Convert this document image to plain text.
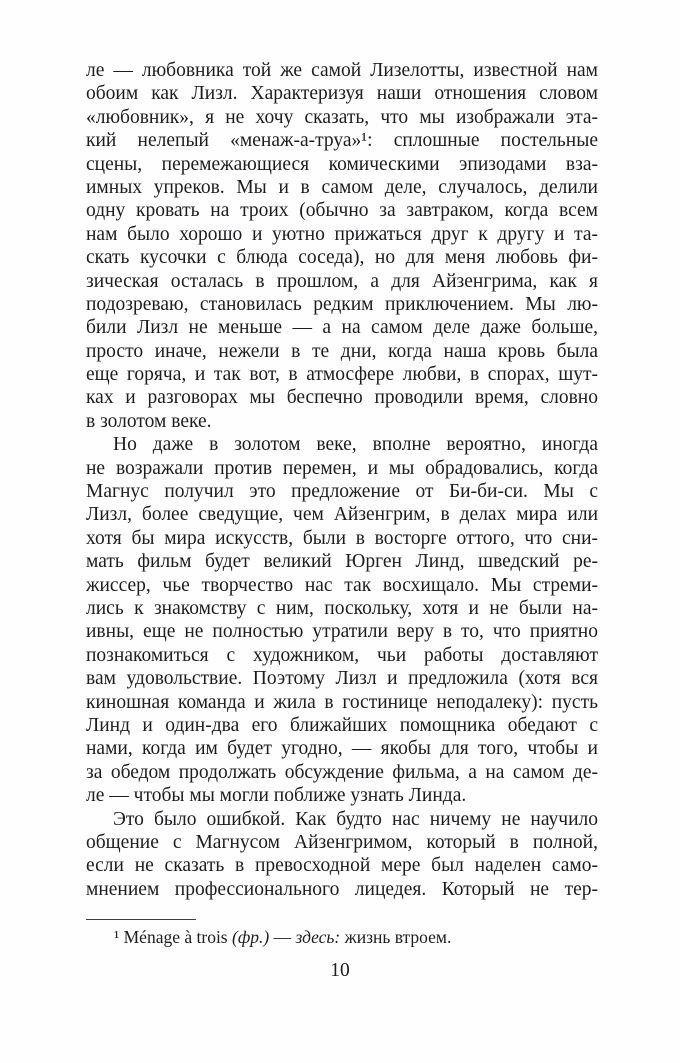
ле — любовника той же самой Лизелотты, известной нам
обоим как Лизл. Характеризуя наши отношения словом
«любовник», я не хочу сказать, что мы изображали эта-
кий нелепый «менаж-а-труа»¹: сплошные постельные
сцены, перемежающиеся комическими эпизодами вза-
имных упреков. Мы и в самом деле, случалось, делили
одну кровать на троих (обычно за завтраком, когда всем
нам было хорошо и уютно прижаться друг к другу и та-
скать кусочки с блюда соседа), но для меня любовь фи-
зическая осталась в прошлом, а для Айзенгрима, как я
подозреваю, становилась редким приключением. Мы лю-
били Лизл не меньше — а на самом деле даже больше,
просто иначе, нежели в те дни, когда наша кровь была
еще горяча, и так вот, в атмосфере любви, в спорах, шут-
ках и разговорах мы беспечно проводили время, словно
в золотом веке.
Но даже в золотом веке, вполне вероятно, иногда
не возражали против перемен, и мы обрадовались, когда
Магнус получил это предложение от Би-би-си. Мы с
Лизл, более сведущие, чем Айзенгрим, в делах мира или
хотя бы мира искусств, были в восторге оттого, что сни-
мать фильм будет великий Юрген Линд, шведский ре-
жиссер, чье творчество нас так восхищало. Мы стреми-
лись к знакомству с ним, поскольку, хотя и не были на-
ивны, еще не полностью утратили веру в то, что приятно
познакомиться с художником, чьи работы доставляют
вам удовольствие. Поэтому Лизл и предложила (хотя вся
киношная команда и жила в гостинице неподалеку): пусть
Линд и один-два его ближайших помощника обедают с
нами, когда им будет угодно, — якобы для того, чтобы и
за обедом продолжать обсуждение фильма, а на самом де-
ле — чтобы мы могли поближе узнать Линда.
Это было ошибкой. Как будто нас ничему не научило
общение с Магнусом Айзенгримом, который в полной,
если не сказать в превосходной мере был наделен само-
мнением профессионального лицедея. Который не тер-
¹ Ménage à trois (фр.) — здесь: жизнь втроем.
10
